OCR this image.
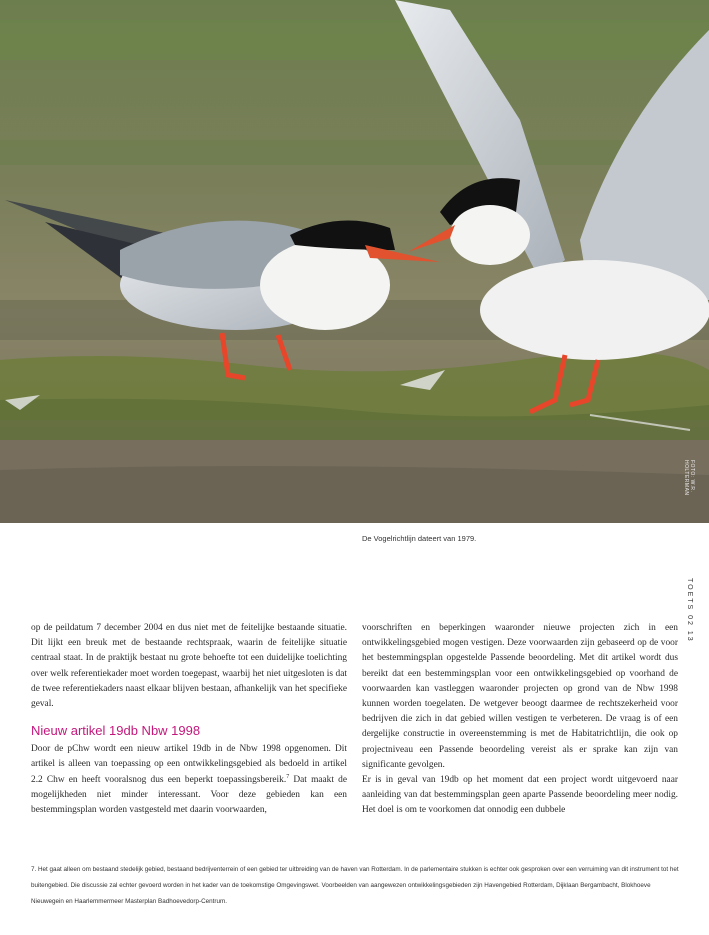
FOTO: W.R. HOLTERMAN
De Vogelrichtlijn dateert van 1979.
TOETS 02 13

op de peildatum 7 december 2004 en dus niet met de feitelijke bestaande situatie. Dit lijkt een breuk met de bestaande rechtspraak, waarin de feitelijke situatie centraal staat. In de praktijk bestaat nu grote behoefte tot een duidelijke toelichting over welk referentiekader moet worden toegepast, waarbij het niet uitgesloten is dat de twee referentiekaders naast elkaar blijven bestaan, afhankelijk van het specifieke geval.

Nieuw artikel 19db Nbw 1998

Door de pChw wordt een nieuw artikel 19db in de Nbw 1998 opgenomen. Dit artikel is alleen van toepassing op een ontwikkelingsgebied als bedoeld in artikel 2.2 Chw en heeft vooralsnog dus een beperkt toepassingsbereik.$^7$ Dat maakt de mogelijkheden niet minder interessant. Voor deze gebieden kan een bestemmingsplan worden vastgesteld met daarin voorwaarden,

voorschriften en beperkingen waaronder nieuwe projecten zich in een ontwikkelingsgebied mogen vestigen. Deze voorwaarden zijn gebaseerd op de voor het bestemmingsplan opgestelde Passende beoordeling. Met dit artikel wordt dus bereikt dat een bestemmingsplan voor een ontwikkelingsgebied op voorhand de voorwaarden kan vastleggen waaronder projecten op grond van de Nbw 1998 kunnen worden toegelaten. De wetgever beoogt daarmee de rechtszekerheid voor bedrijven die zich in dat gebied willen vestigen te verbeteren. De vraag is of een dergelijke constructie in overeenstemming is met de Habitatrichtlijn, die ook op projectniveau een Passende beoordeling vereist als er sprake kan zijn van significante gevolgen.

Er is in geval van 19db op het moment dat een project wordt uitgevoerd naar aanleiding van dat bestemmingsplan geen aparte Passende beoordeling meer nodig. Het doel is om te voorkomen dat onnodig een dubbele

7. Het gaat alleen om bestaand stedelijk gebied, bestaand bedrijventerrein of een gebied ter uitbreiding van de haven van Rotterdam. In de parlementaire stukken is echter ook gesproken over een verruiming van dit instrument tot het buitengebied. Die discussie zal echter gevoerd worden in het kader van de toekomstige Omgevingswet. Voorbeelden van aangewezen ontwikkelingsgebieden zijn Havengebied Rotterdam, Dijklaan Bergambacht, Blokhoeve Nieuwegein en Haarlemmermeer Masterplan Badhoevedorp-Centrum.
